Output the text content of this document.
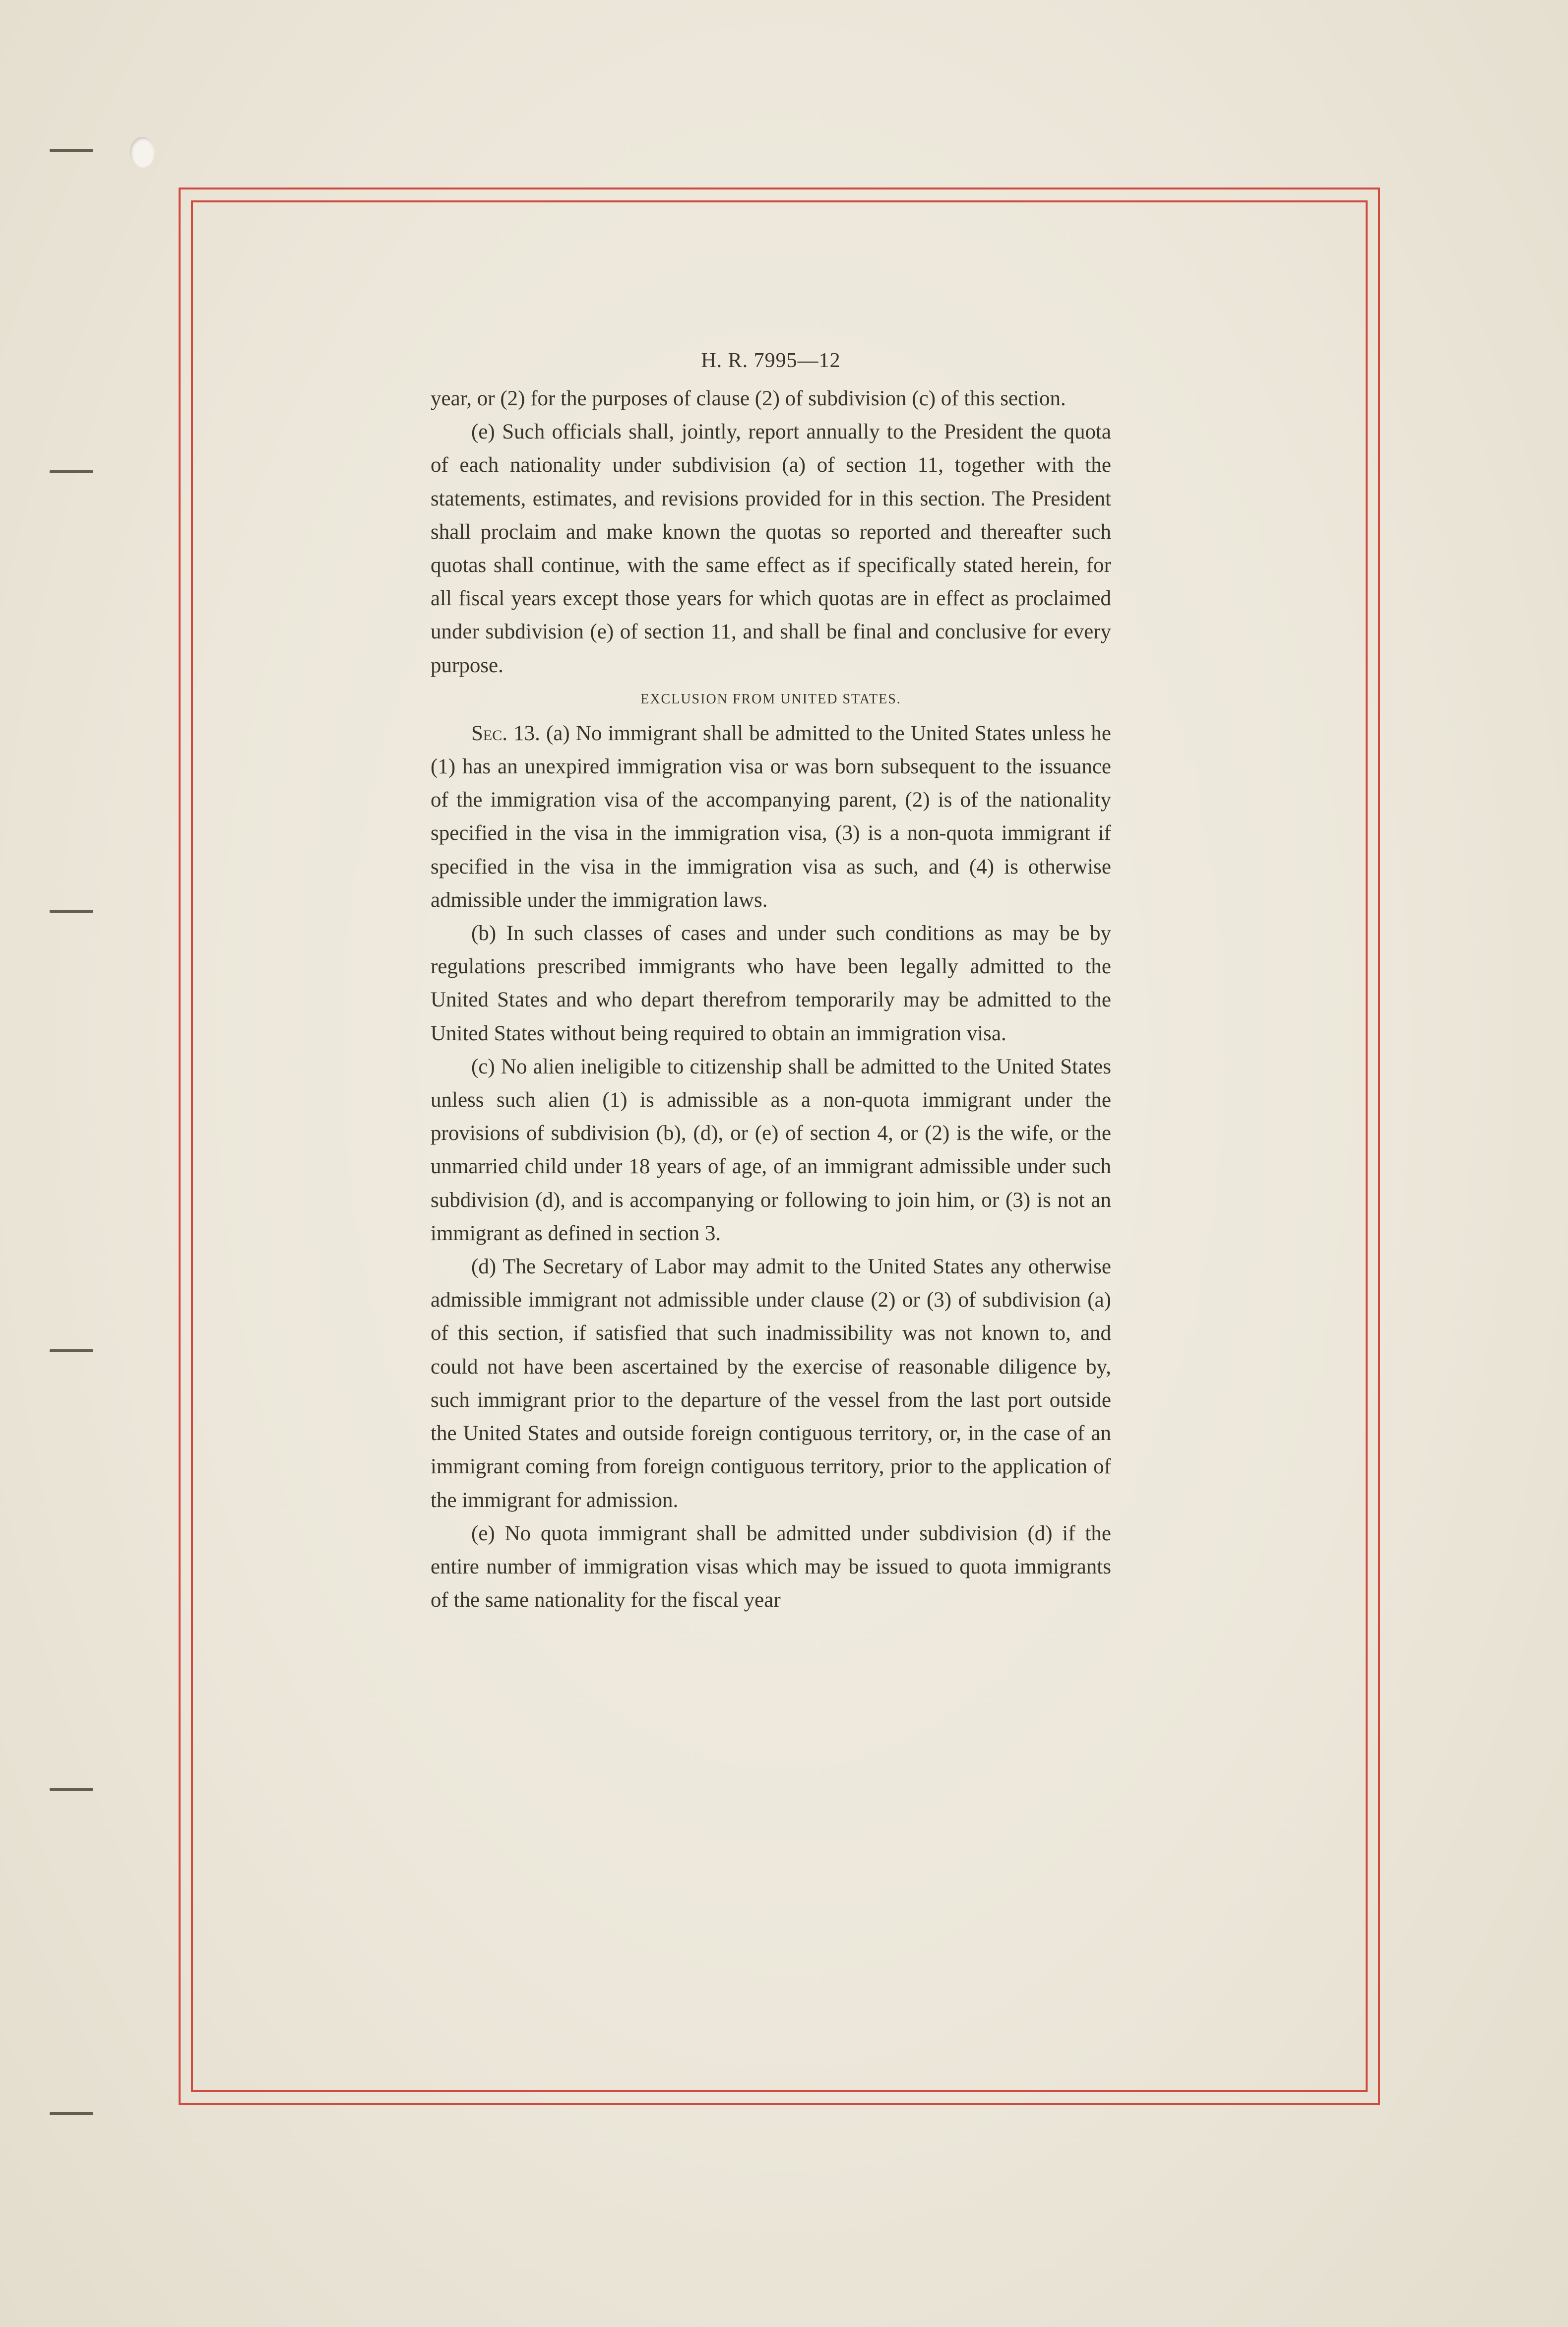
H. R. 7995—12

year, or (2) for the purposes of clause (2) of subdivision (c) of this section.

(e) Such officials shall, jointly, report annually to the President the quota of each nationality under subdivision (a) of section 11, together with the statements, estimates, and revisions provided for in this section. The President shall proclaim and make known the quotas so reported and thereafter such quotas shall continue, with the same effect as if specifically stated herein, for all fiscal years except those years for which quotas are in effect as proclaimed under subdivision (e) of section 11, and shall be final and conclusive for every purpose.

EXCLUSION FROM UNITED STATES.

Sec. 13. (a) No immigrant shall be admitted to the United States unless he (1) has an unexpired immigration visa or was born subsequent to the issuance of the immigration visa of the accompanying parent, (2) is of the nationality specified in the visa in the immigration visa, (3) is a non-quota immigrant if specified in the visa in the immigration visa as such, and (4) is otherwise admissible under the immigration laws.

(b) In such classes of cases and under such conditions as may be by regulations prescribed immigrants who have been legally admitted to the United States and who depart therefrom temporarily may be admitted to the United States without being required to obtain an immigration visa.

(c) No alien ineligible to citizenship shall be admitted to the United States unless such alien (1) is admissible as a non-quota immigrant under the provisions of subdivision (b), (d), or (e) of section 4, or (2) is the wife, or the unmarried child under 18 years of age, of an immigrant admissible under such subdivision (d), and is accompanying or following to join him, or (3) is not an immigrant as defined in section 3.

(d) The Secretary of Labor may admit to the United States any otherwise admissible immigrant not admissible under clause (2) or (3) of subdivision (a) of this section, if satisfied that such inadmissibility was not known to, and could not have been ascertained by the exercise of reasonable diligence by, such immigrant prior to the departure of the vessel from the last port outside the United States and outside foreign contiguous territory, or, in the case of an immigrant coming from foreign contiguous territory, prior to the application of the immigrant for admission.

(e) No quota immigrant shall be admitted under subdivision (d) if the entire number of immigration visas which may be issued to quota immigrants of the same nationality for the fiscal year
